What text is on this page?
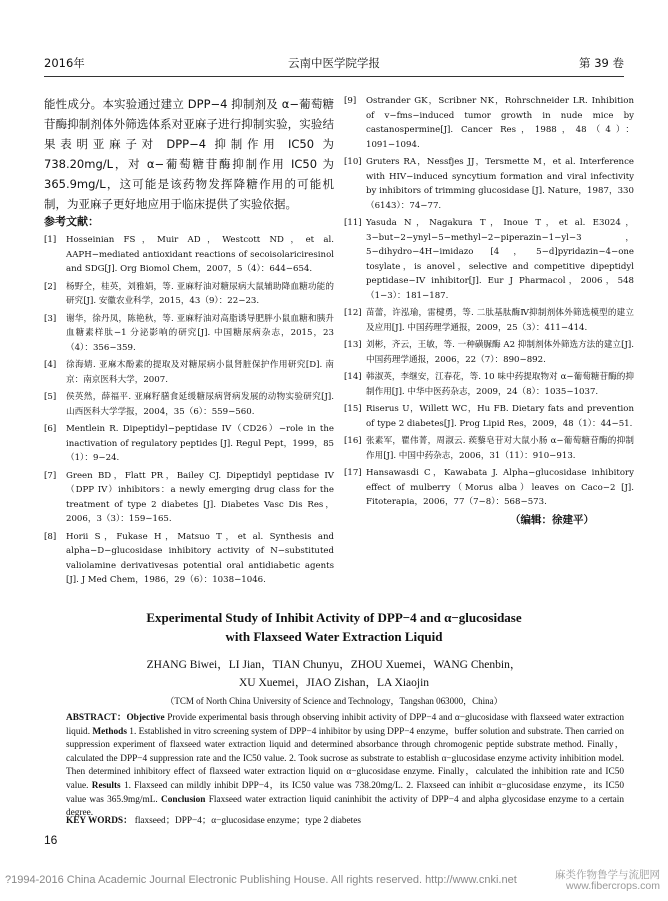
2016年	云南中医学院学报	第 39 卷

能性成分。本实验通过建立 DPP−4 抑制剂及 α−葡萄糖苷酶抑制剂体外筛选体系对亚麻子进行抑制实验，实验结果表明亚麻子对 DPP−4 抑制作用 IC50 为 738.20mg/L，对 α−葡萄糖苷酶抑制作用 IC50 为 365.9mg/L，这可能是该药物发挥降糖作用的可能机制，为亚麻子更好地应用于临床提供了实验依据。

参考文献：

[1] Hosseinian FS，Muir AD，Westcott ND，et al. AAPH−mediated antioxidant reactions of secoisolariciresinol and SDG[J]. Org Biomol Chem，2007，5（4）：644−654.

[2] 杨野仝，桂英，刘雅娟，等. 亚麻籽油对糖尿病大鼠辅助降血糖功能的研究[J]. 安徽农业科学，2015，43（9）：22−23.

[3] 谢华，徐丹凤，陈艳秋，等. 亚麻籽油对高脂诱导肥胖小鼠血糖和胰升血糖素样肽−1 分泌影响的研究[J]. 中国糖尿病杂志，2015，23（4）：356−359.

[4] 徐海婧. 亚麻木酚素的提取及对糖尿病小鼠肾脏保护作用研究[D]. 南京：南京医科大学，2007.

[5] 侯英然，薛福平. 亚麻籽膳食延缓糖尿病肾病发展的动物实验研究[J]. 山西医科大学学报，2004，35（6）：559−560.

[6] Mentlein R. Dipeptidyl−peptidase IV（CD26）−role in the inactivation of regulatory peptides [J]. Regul Pept，1999，85（1）：9−24.

[7] Green BD，Flatt PR，Bailey CJ. Dipeptidyl peptidase IV（DPP IV）inhibitors：a newly emerging drug class for the treatment of type 2 diabetes [J]. Diabetes Vasc Dis Res，2006，3（3）：159−165.

[8] Horii S，Fukase H，Matsuo T，et al. Synthesis and alpha−D−glucosidase inhibitory activity of N−substituted valiolamine derivativesas potential oral antidiabetic agents [J]. J Med Chem，1986，29（6）：1038−1046.

[9] Ostrander GK，Scribner NK，Rohrschneider LR. Inhibition of v−fms−induced tumor growth in nude mice by castanospermine[J]. Cancer Res，1988，48（4）：1091−1094.

[10] Gruters RA，Nessfjes JJ，Tersmette M，et al. Interference with HIV−induced syncytium formation and viral infectivity by inhibitors of trimming glucosidase [J]. Nature，1987，330（6143）：74−77.

[11] Yasuda N，Nagakura T，Inoue T，et al. E3024，3−but−2−ynyl−5−methyl−2−piperazin−1−yl−3，5−dihydro−4H−imidazo [4，5−d]pyridazin−4−one tosylate，is anovel，selective and competitive dipeptidyl peptidase−IV inhibitor[J]. Eur J Pharmacol，2006，548（1−3）：181−187.

[12] 苗蕾，许泓瑜，雷楗勇，等. 二肽基肽酶Ⅳ抑制剂体外筛选模型的建立及应用[J]. 中国药理学通报，2009，25（3）：411−414.

[13] 刘彬，齐云，王敏，等. 一种磺脲酶 A2 抑制剂体外筛选方法的建立[J]. 中国药理学通报，2006，22（7）：890−892.

[14] 韩淑英，李继安，江春花，等. 10 味中药提取物对 α−葡萄糖苷酶的抑制作用[J]. 中华中医药杂志，2009，24（8）：1035−1037.

[15] Riserus U，Willett WC，Hu FB. Dietary fats and prevention of type 2 diabetes[J]. Prog Lipid Res，2009，48（1）：44−51.

[16] 张素军，瞿伟菁，周淑云. 蒺藜皂苷对大鼠小肠 α−葡萄糖苷酶的抑制作用[J]. 中国中药杂志，2006，31（11）：910−913.

[17] Hansawasdi C，Kawabata J. Alpha−glucosidase inhibitory effect of mulberry（Morus alba）leaves on Caco−2 [J]. Fitoterapia，2006，77（7−8）：568−573.

（编辑：徐建平）
Experimental Study of Inhibit Activity of DPP−4 and α−glucosidase
with Flaxseed Water Extraction Liquid
ZHANG Biwei，LI Jian，TIAN Chunyu，ZHOU Xuemei，WANG Chenbin，
XU Xuemei，JIAO Zishan，LA Xiaojin
（TCM of North China University of Science and Technology，Tangshan 063000，China）

ABSTRACT：Objective Provide experimental basis through observing inhibit activity of DPP−4 and α−glucosidase with flaxseed water extraction liquid. Methods 1. Established in vitro screening system of DPP−4 inhibitor by using DPP−4 enzyme，buffer solution and substrate. Then carried on suppression experiment of flaxseed water extraction liquid and determined absorbance through chromogenic peptide substrate method. Finally，calculated the DPP−4 suppression rate and the IC50 value. 2. Took sucrose as substrate to establish α−glucosidase enzyme activity inhibition model. Then determined inhibitory effect of flaxseed water extraction liquid on α−glucosidase enzyme. Finally，calculated the inhibition rate and IC50 value. Results 1. Flaxseed can mildly inhibit DPP−4，its IC50 value was 738.20mg/L. 2. Flaxseed can inhibit α−glucosidase enzyme，its IC50 value was 365.9mg/mL. Conclusion Flaxseed water extraction liquid caninhibit the activity of DPP−4 and alpha glycosidase enzyme to a certain degree.

KEY WORDS： flaxseed；DPP−4；α−glucosidase enzyme；type 2 diabetes
16
?1994-2016 China Academic Journal Electronic Publishing House. All rights reserved. http://www.cnki.net	麻类作物鲁学与流肥网
www.fibercrops.com
